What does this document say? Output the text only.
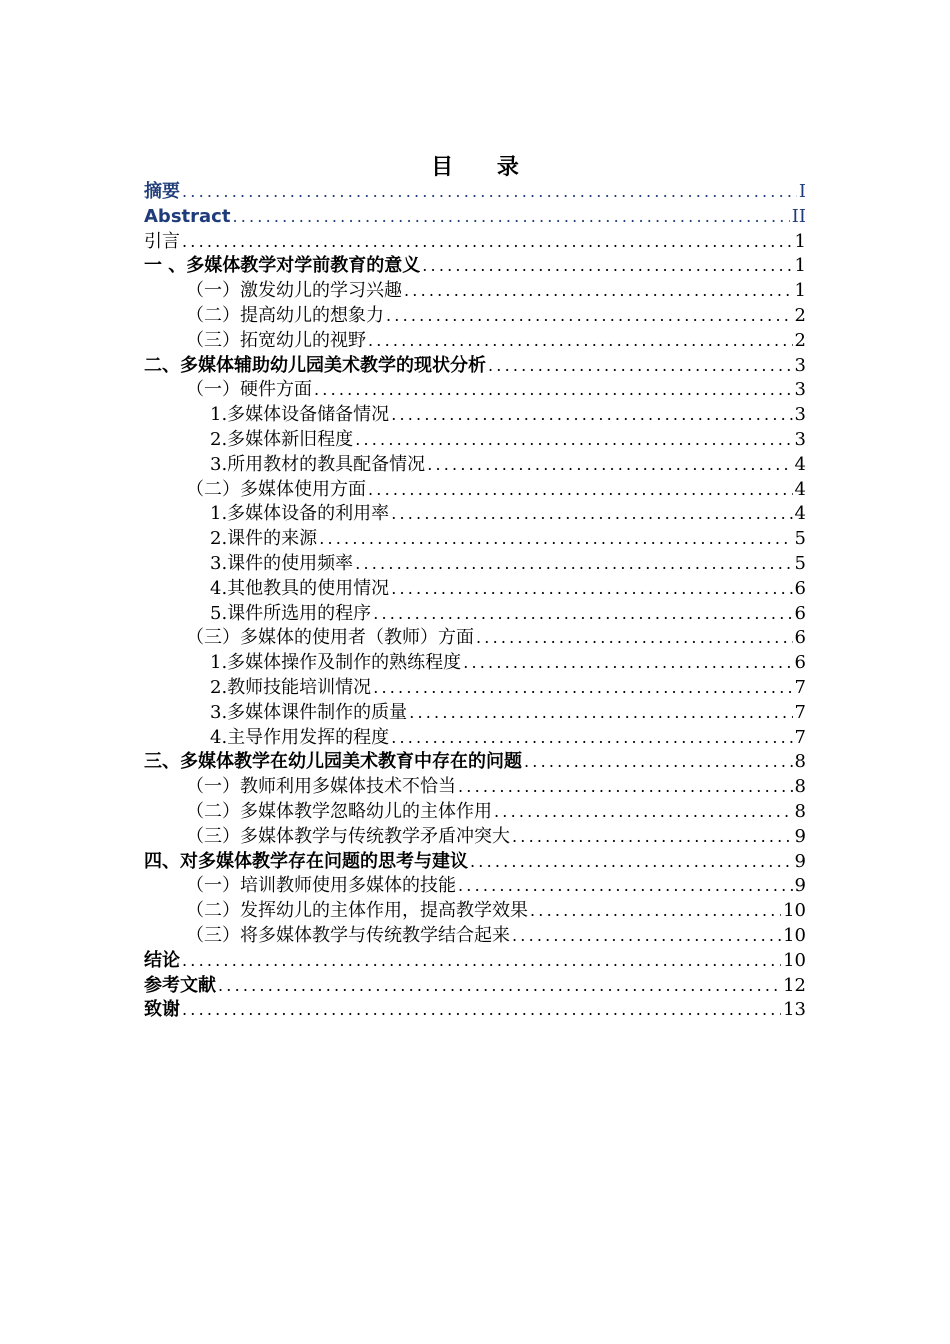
目 录
摘要 .....	I
Abstract .....	II
引言 .....	1
一 、多媒体教学对学前教育的意义 .....	1
（一）激发幼儿的学习兴趣 .....	1
（二）提高幼儿的想象力 .....	2
（三）拓宽幼儿的视野 .....	2
二、多媒体辅助幼儿园美术教学的现状分析 .....	3
（一）硬件方面 .....	3
1.多媒体设备储备情况 .....	3
2.多媒体新旧程度 .....	3
3.所用教材的教具配备情况 .....	4
（二）多媒体使用方面 .....	4
1.多媒体设备的利用率 .....	4
2.课件的来源 .....	5
3.课件的使用频率 .....	5
4.其他教具的使用情况 .....	6
5.课件所选用的程序 .....	6
（三）多媒体的使用者（教师）方面 .....	6
1.多媒体操作及制作的熟练程度 .....	6
2.教师技能培训情况 .....	7
3.多媒体课件制作的质量 .....	7
4.主导作用发挥的程度 .....	7
三、多媒体教学在幼儿园美术教育中存在的问题 .....	8
（一）教师利用多媒体技术不恰当 .....	8
（二）多媒体教学忽略幼儿的主体作用 .....	8
（三）多媒体教学与传统教学矛盾冲突大 .....	9
四、对多媒体教学存在问题的思考与建议 .....	9
（一）培训教师使用多媒体的技能 .....	9
（二）发挥幼儿的主体作用，提高教学效果 .....	10
（三）将多媒体教学与传统教学结合起来 .....	10
结论 .....	10
参考文献 .....	12
致谢 .....	13
